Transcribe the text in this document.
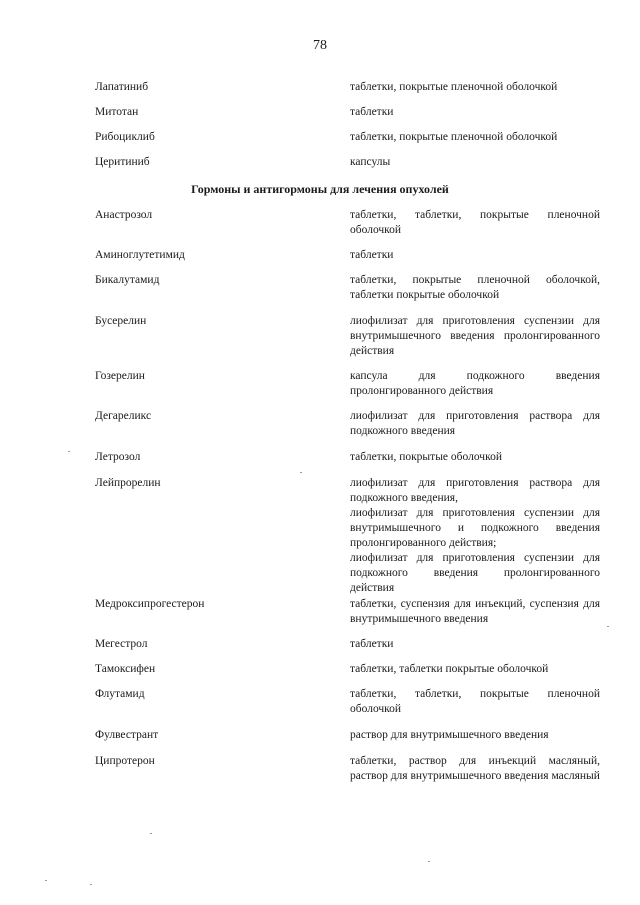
78
Лапатиниб	таблетки, покрытые пленочной оболочкой
Митотан	таблетки
Рибоциклиб	таблетки, покрытые пленочной оболочкой
Церитиниб	капсулы
Гормоны и антигормоны для лечения опухолей
Анастрозол	таблетки, таблетки, покрытые пленочной оболочкой
Аминоглутетимид	таблетки
Бикалутамид	таблетки, покрытые пленочной оболочкой, таблетки покрытые оболочкой
Бусерелин	лиофилизат для приготовления суспензии для внутримышечного введения пролонгированного действия
Гозерелин	капсула для подкожного введения пролонгированного действия
Дегареликс	лиофилизат для приготовления раствора для подкожного введения
Летрозол	таблетки, покрытые оболочкой
Лейпрорелин	лиофилизат для приготовления раствора для подкожного введения,
лиофилизат для приготовления суспензии для внутримышечного и подкожного введения пролонгированного действия;
лиофилизат для приготовления суспензии для подкожного введения пролонгированного действия
Медроксипрогестерон	таблетки, суспензия для инъекций, суспензия для внутримышечного введения
Мегестрол	таблетки
Тамоксифен	таблетки, таблетки покрытые оболочкой
Флутамид	таблетки, таблетки, покрытые пленочной оболочкой
Фулвестрант	раствор для внутримышечного введения
Ципротерон	таблетки, раствор для инъекций масляный, раствор для внутримышечного введения масляный
